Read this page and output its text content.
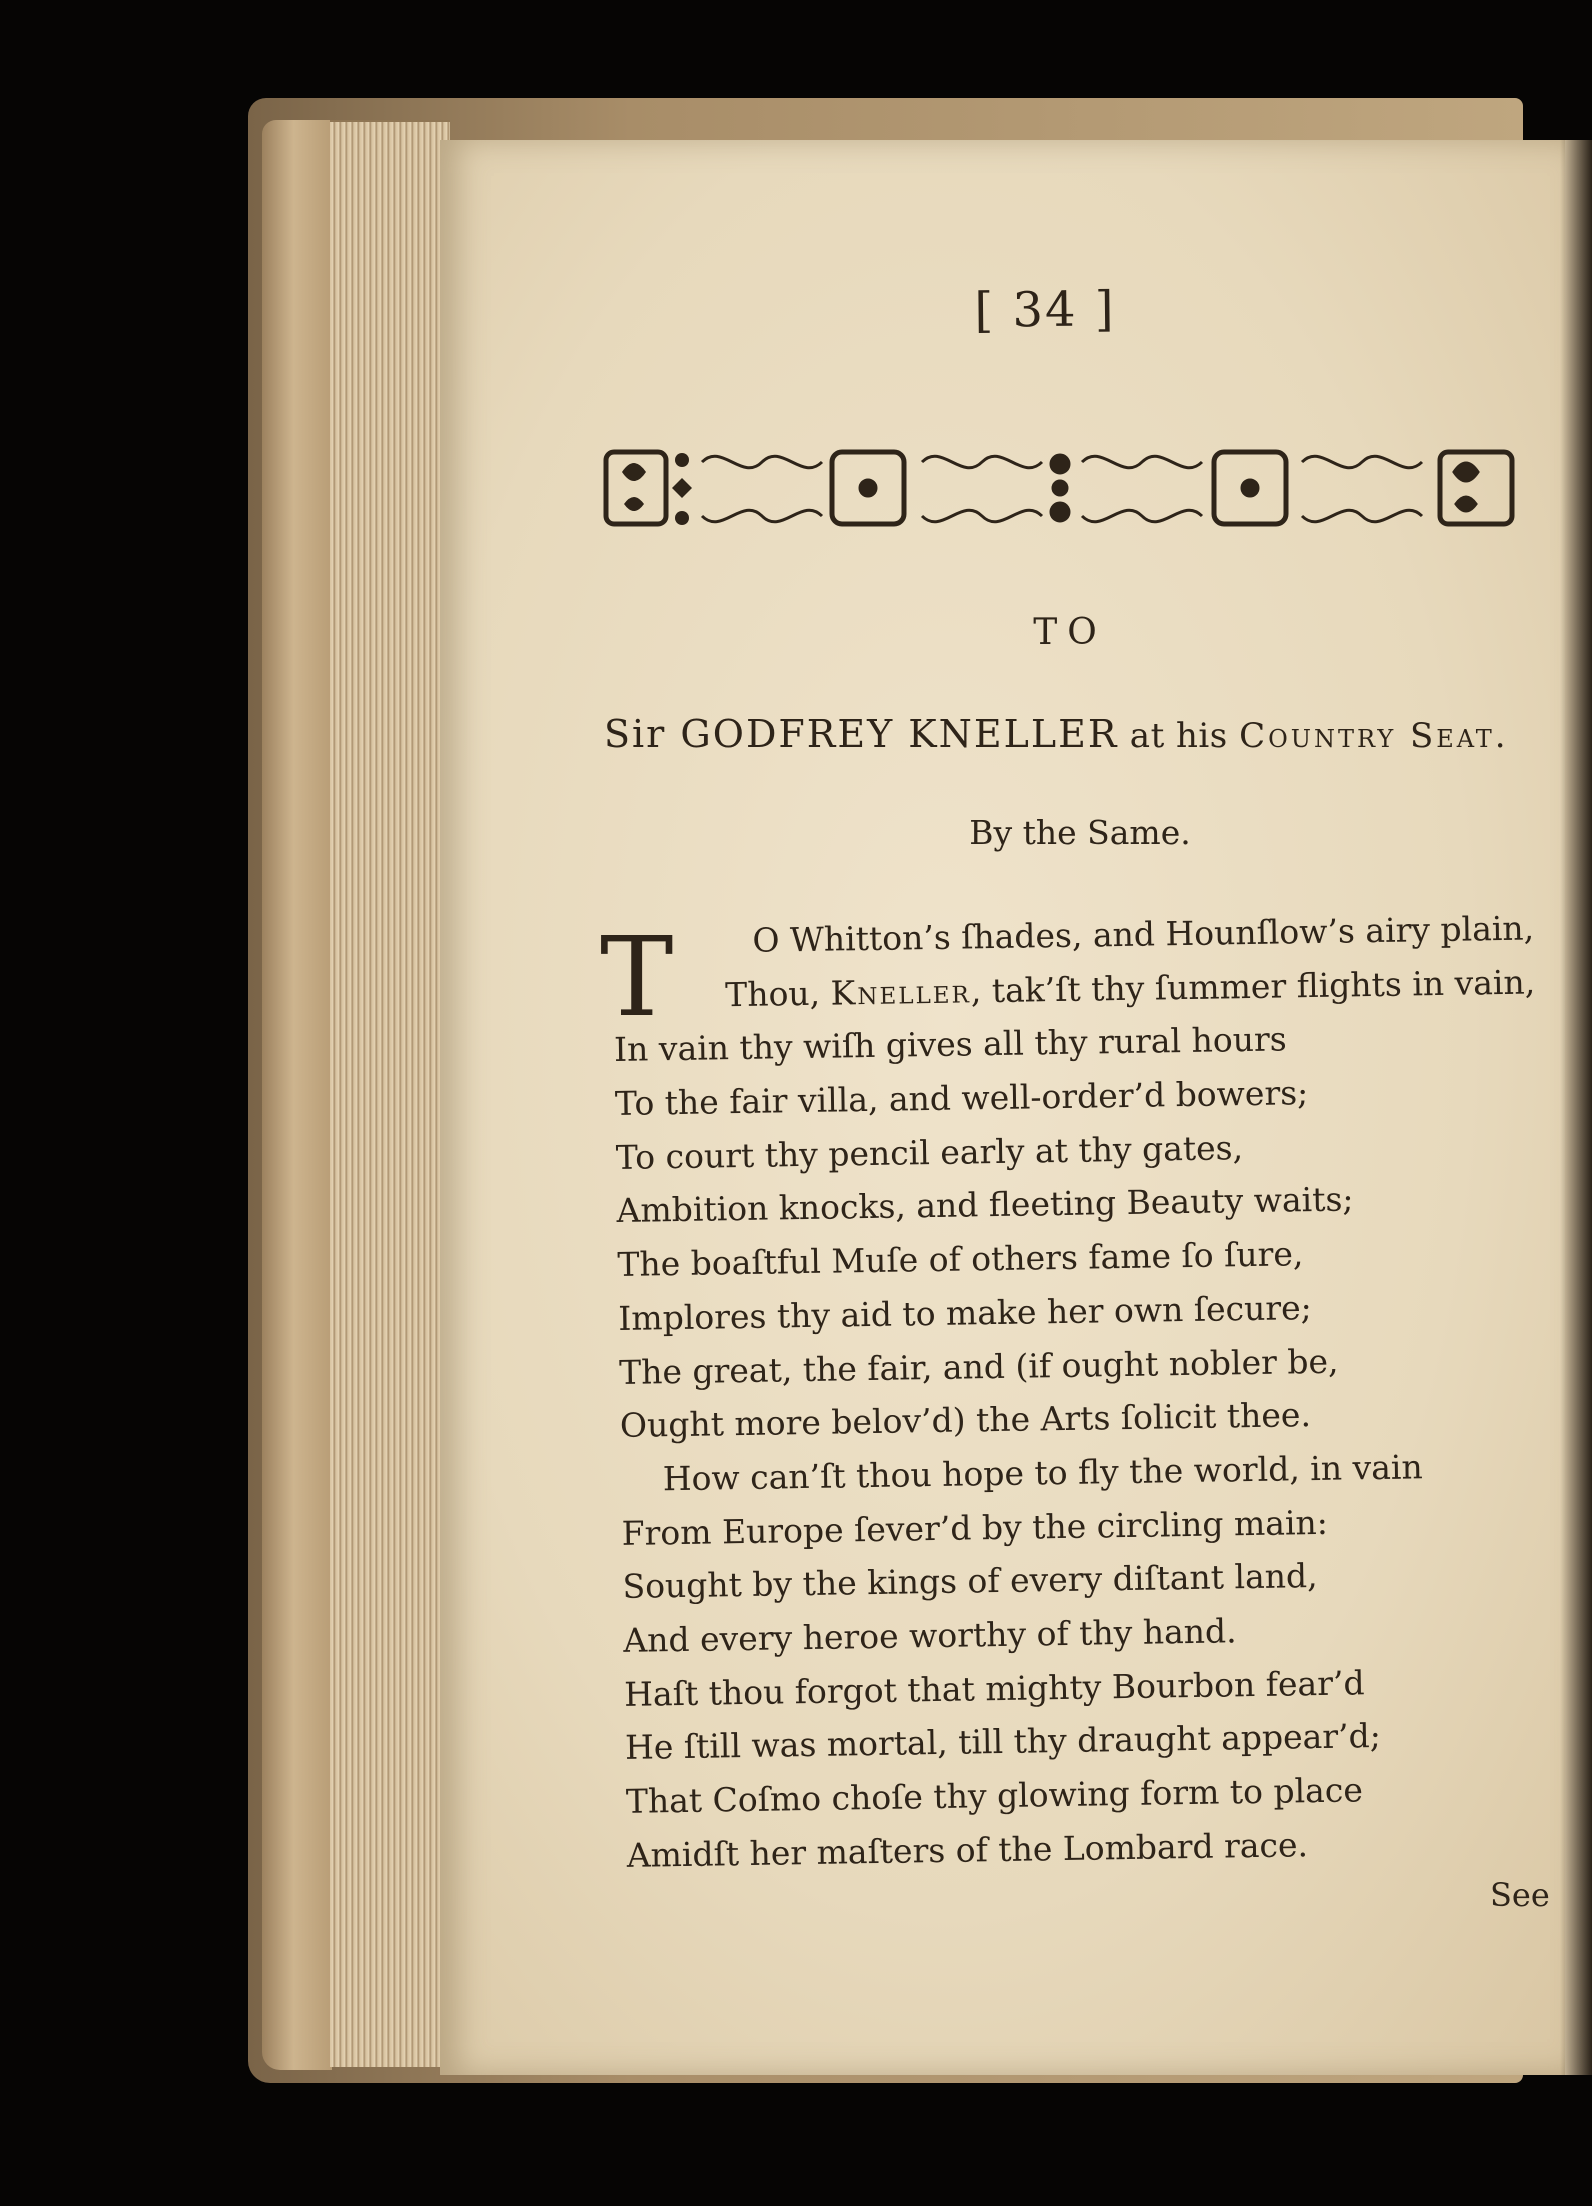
[ 34 ]
TO
Sir GODFREY KNELLER at his Country Seat.
By the Same.
T	O Whitton’s ſhades, and Hounſlow’s airy plain,
Thou, Kneller, tak’ſt thy ſummer flights in vain,
In vain thy wiſh gives all thy rural hours
To the fair villa, and well-order’d bowers;
To court thy pencil early at thy gates,
Ambition knocks, and fleeting Beauty waits;
The boaſtful Muſe of others fame ſo ſure,
Implores thy aid to make her own ſecure;
The great, the fair, and (if ought nobler be,
Ought more belov’d) the Arts ſolicit thee.
How can’ſt thou hope to fly the world, in vain
From Europe ſever’d by the circling main:
Sought by the kings of every diſtant land,
And every heroe worthy of thy hand.
Haſt thou forgot that mighty Bourbon fear’d
He ſtill was mortal, till thy draught appear’d;
That Coſmo choſe thy glowing form to place
Amidſt her maſters of the Lombard race.
See
